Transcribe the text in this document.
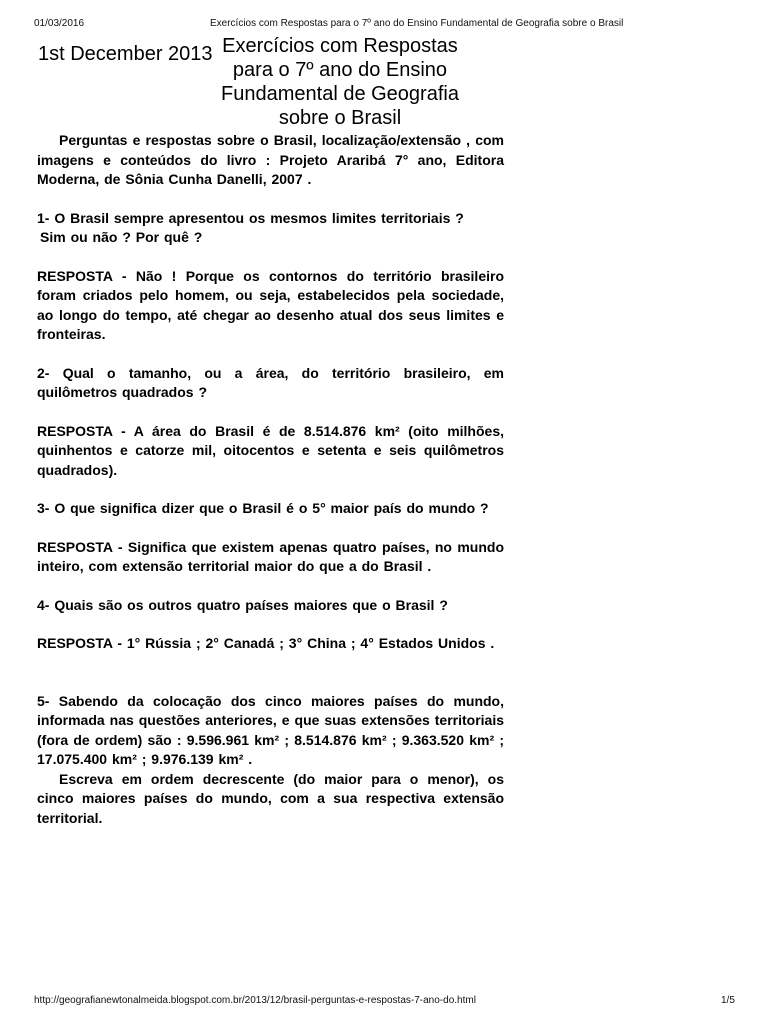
01/03/2016	Exercícios com Respostas para o 7º ano do Ensino Fundamental de Geografia sobre o Brasil
1st December 2013 Exercícios com Respostas
para o 7º ano do Ensino
Fundamental de Geografia
sobre o Brasil

Perguntas e respostas sobre o Brasil, localização/extensão , com imagens e conteúdos do livro : Projeto Araribá 7° ano, Editora Moderna, de Sônia Cunha Danelli, 2007 .

1- O Brasil sempre apresentou os mesmos limites territoriais ?
Sim ou não ? Por quê ?

RESPOSTA - Não ! Porque os contornos do território brasileiro foram criados pelo homem, ou seja, estabelecidos pela sociedade, ao longo do tempo, até chegar ao desenho atual dos seus limites e fronteiras.

2- Qual o tamanho, ou a área, do território brasileiro, em quilômetros quadrados ?

RESPOSTA - A área do Brasil é de 8.514.876 km² (oito milhões, quinhentos e catorze mil, oitocentos e setenta e seis quilômetros quadrados).

3- O que significa dizer que o Brasil é o 5° maior país do mundo ?

RESPOSTA - Significa que existem apenas quatro países, no mundo inteiro, com extensão territorial maior do que a do Brasil .

4- Quais são os outros quatro países maiores que o Brasil ?

RESPOSTA - 1° Rússia ; 2° Canadá ; 3° China ; 4° Estados Unidos .

5- Sabendo da colocação dos cinco maiores países do mundo, informada nas questões anteriores, e que suas extensões territoriais (fora de ordem) são : 9.596.961 km² ; 8.514.876 km² ; 9.363.520 km² ; 17.075.400 km² ; 9.976.139 km² .

Escreva em ordem decrescente (do maior para o menor), os cinco maiores países do mundo, com a sua respectiva extensão territorial.

http://geografianewtonalmeida.blogspot.com.br/2013/12/brasil-perguntas-e-respostas-7-ano-do.html	1/5
